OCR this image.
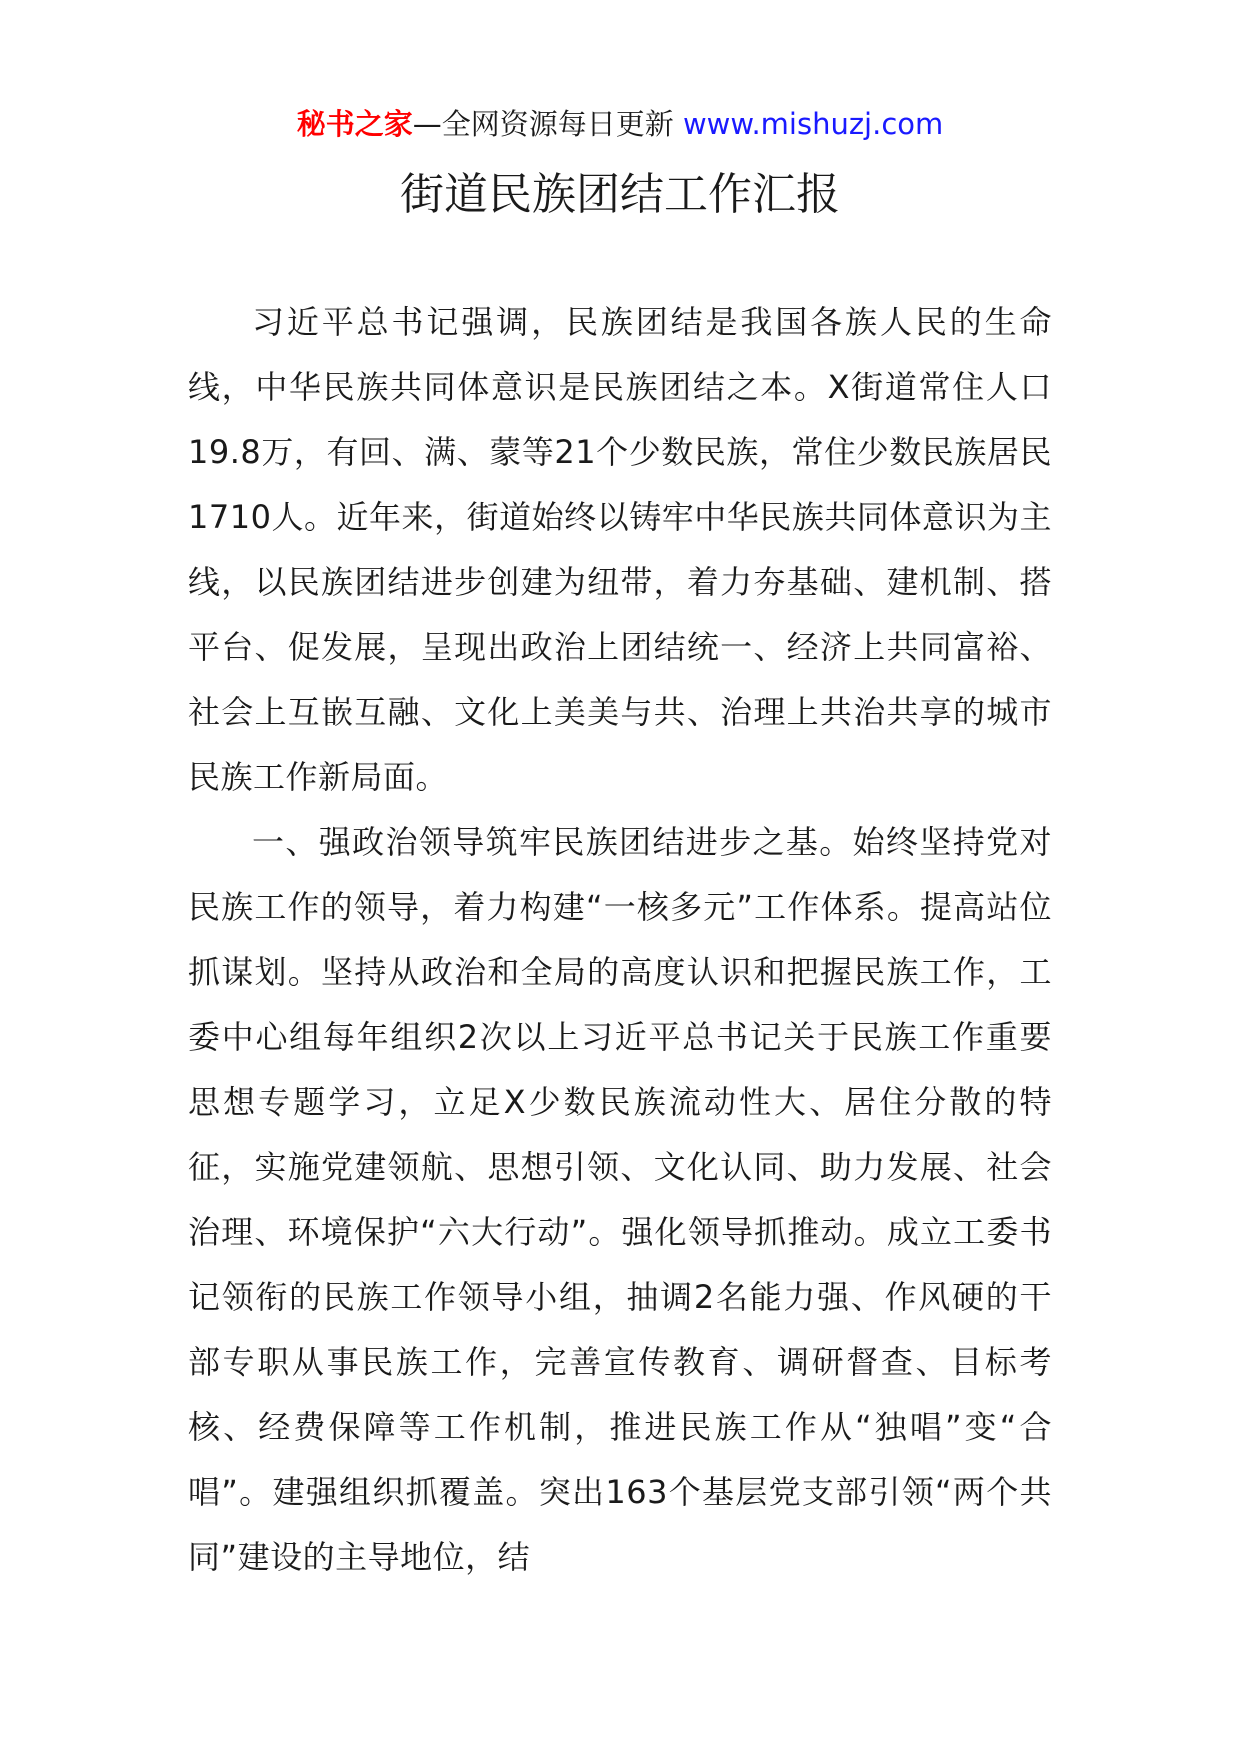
秘书之家—全网资源每日更新 www.mishuzj.com
街道民族团结工作汇报

习近平总书记强调，民族团结是我国各族人民的生命线，中华民族共同体意识是民族团结之本。X街道常住人口19.8万，有回、满、蒙等21个少数民族，常住少数民族居民1710人。近年来，街道始终以铸牢中华民族共同体意识为主线，以民族团结进步创建为纽带，着力夯基础、建机制、搭平台、促发展，呈现出政治上团结统一、经济上共同富裕、社会上互嵌互融、文化上美美与共、治理上共治共享的城市民族工作新局面。

一、强政治领导筑牢民族团结进步之基。始终坚持党对民族工作的领导，着力构建“一核多元”工作体系。提高站位抓谋划。坚持从政治和全局的高度认识和把握民族工作，工委中心组每年组织2次以上习近平总书记关于民族工作重要思想专题学习，立足X少数民族流动性大、居住分散的特征，实施党建领航、思想引领、文化认同、助力发展、社会治理、环境保护“六大行动”。强化领导抓推动。成立工委书记领衔的民族工作领导小组，抽调2名能力强、作风硬的干部专职从事民族工作，完善宣传教育、调研督查、目标考核、经费保障等工作机制，推进民族工作从“独唱”变“合唱”。建强组织抓覆盖。突出163个基层党支部引领“两个共同”建设的主导地位，结
